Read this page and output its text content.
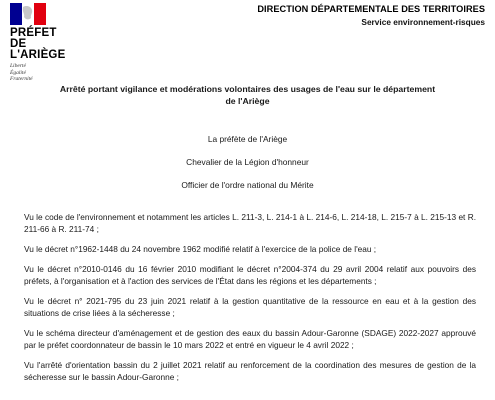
PRÉFET
DE L'ARIÈGE
Liberté
Égalité
Fraternité
DIRECTION DÉPARTEMENTALE DES TERRITOIRES
Service environnement-risques
Arrêté portant vigilance et modérations volontaires des usages de l'eau sur le département
de l'Ariège
La préfète de l'Ariège
Chevalier de la Légion d'honneur
Officier de l'ordre national du Mérite

Vu le code de l'environnement et notamment les articles L. 211-3, L. 214-1 à L. 214-6, L. 214-18, L. 215-7 à L. 215-13 et R. 211-66 à R. 211-74 ;

Vu le décret n°1962-1448 du 24 novembre 1962 modifié relatif à l'exercice de la police de l'eau ;

Vu le décret n°2010-0146 du 16 février 2010 modifiant le décret n°2004-374 du 29 avril 2004 relatif aux pouvoirs des préfets, à l'organisation et à l'action des services de l'État dans les régions et les départements ;

Vu le décret n° 2021-795 du 23 juin 2021 relatif à la gestion quantitative de la ressource en eau et à la gestion des situations de crise liées à la sécheresse ;

Vu le schéma directeur d'aménagement et de gestion des eaux du bassin Adour-Garonne (SDAGE) 2022-2027 approuvé par le préfet coordonnateur de bassin le 10 mars 2022 et entré en vigueur le 4 avril 2022 ;

Vu l'arrêté d'orientation bassin du 2 juillet 2021 relatif au renforcement de la coordination des mesures de gestion de la sécheresse sur le bassin Adour-Garonne ;
